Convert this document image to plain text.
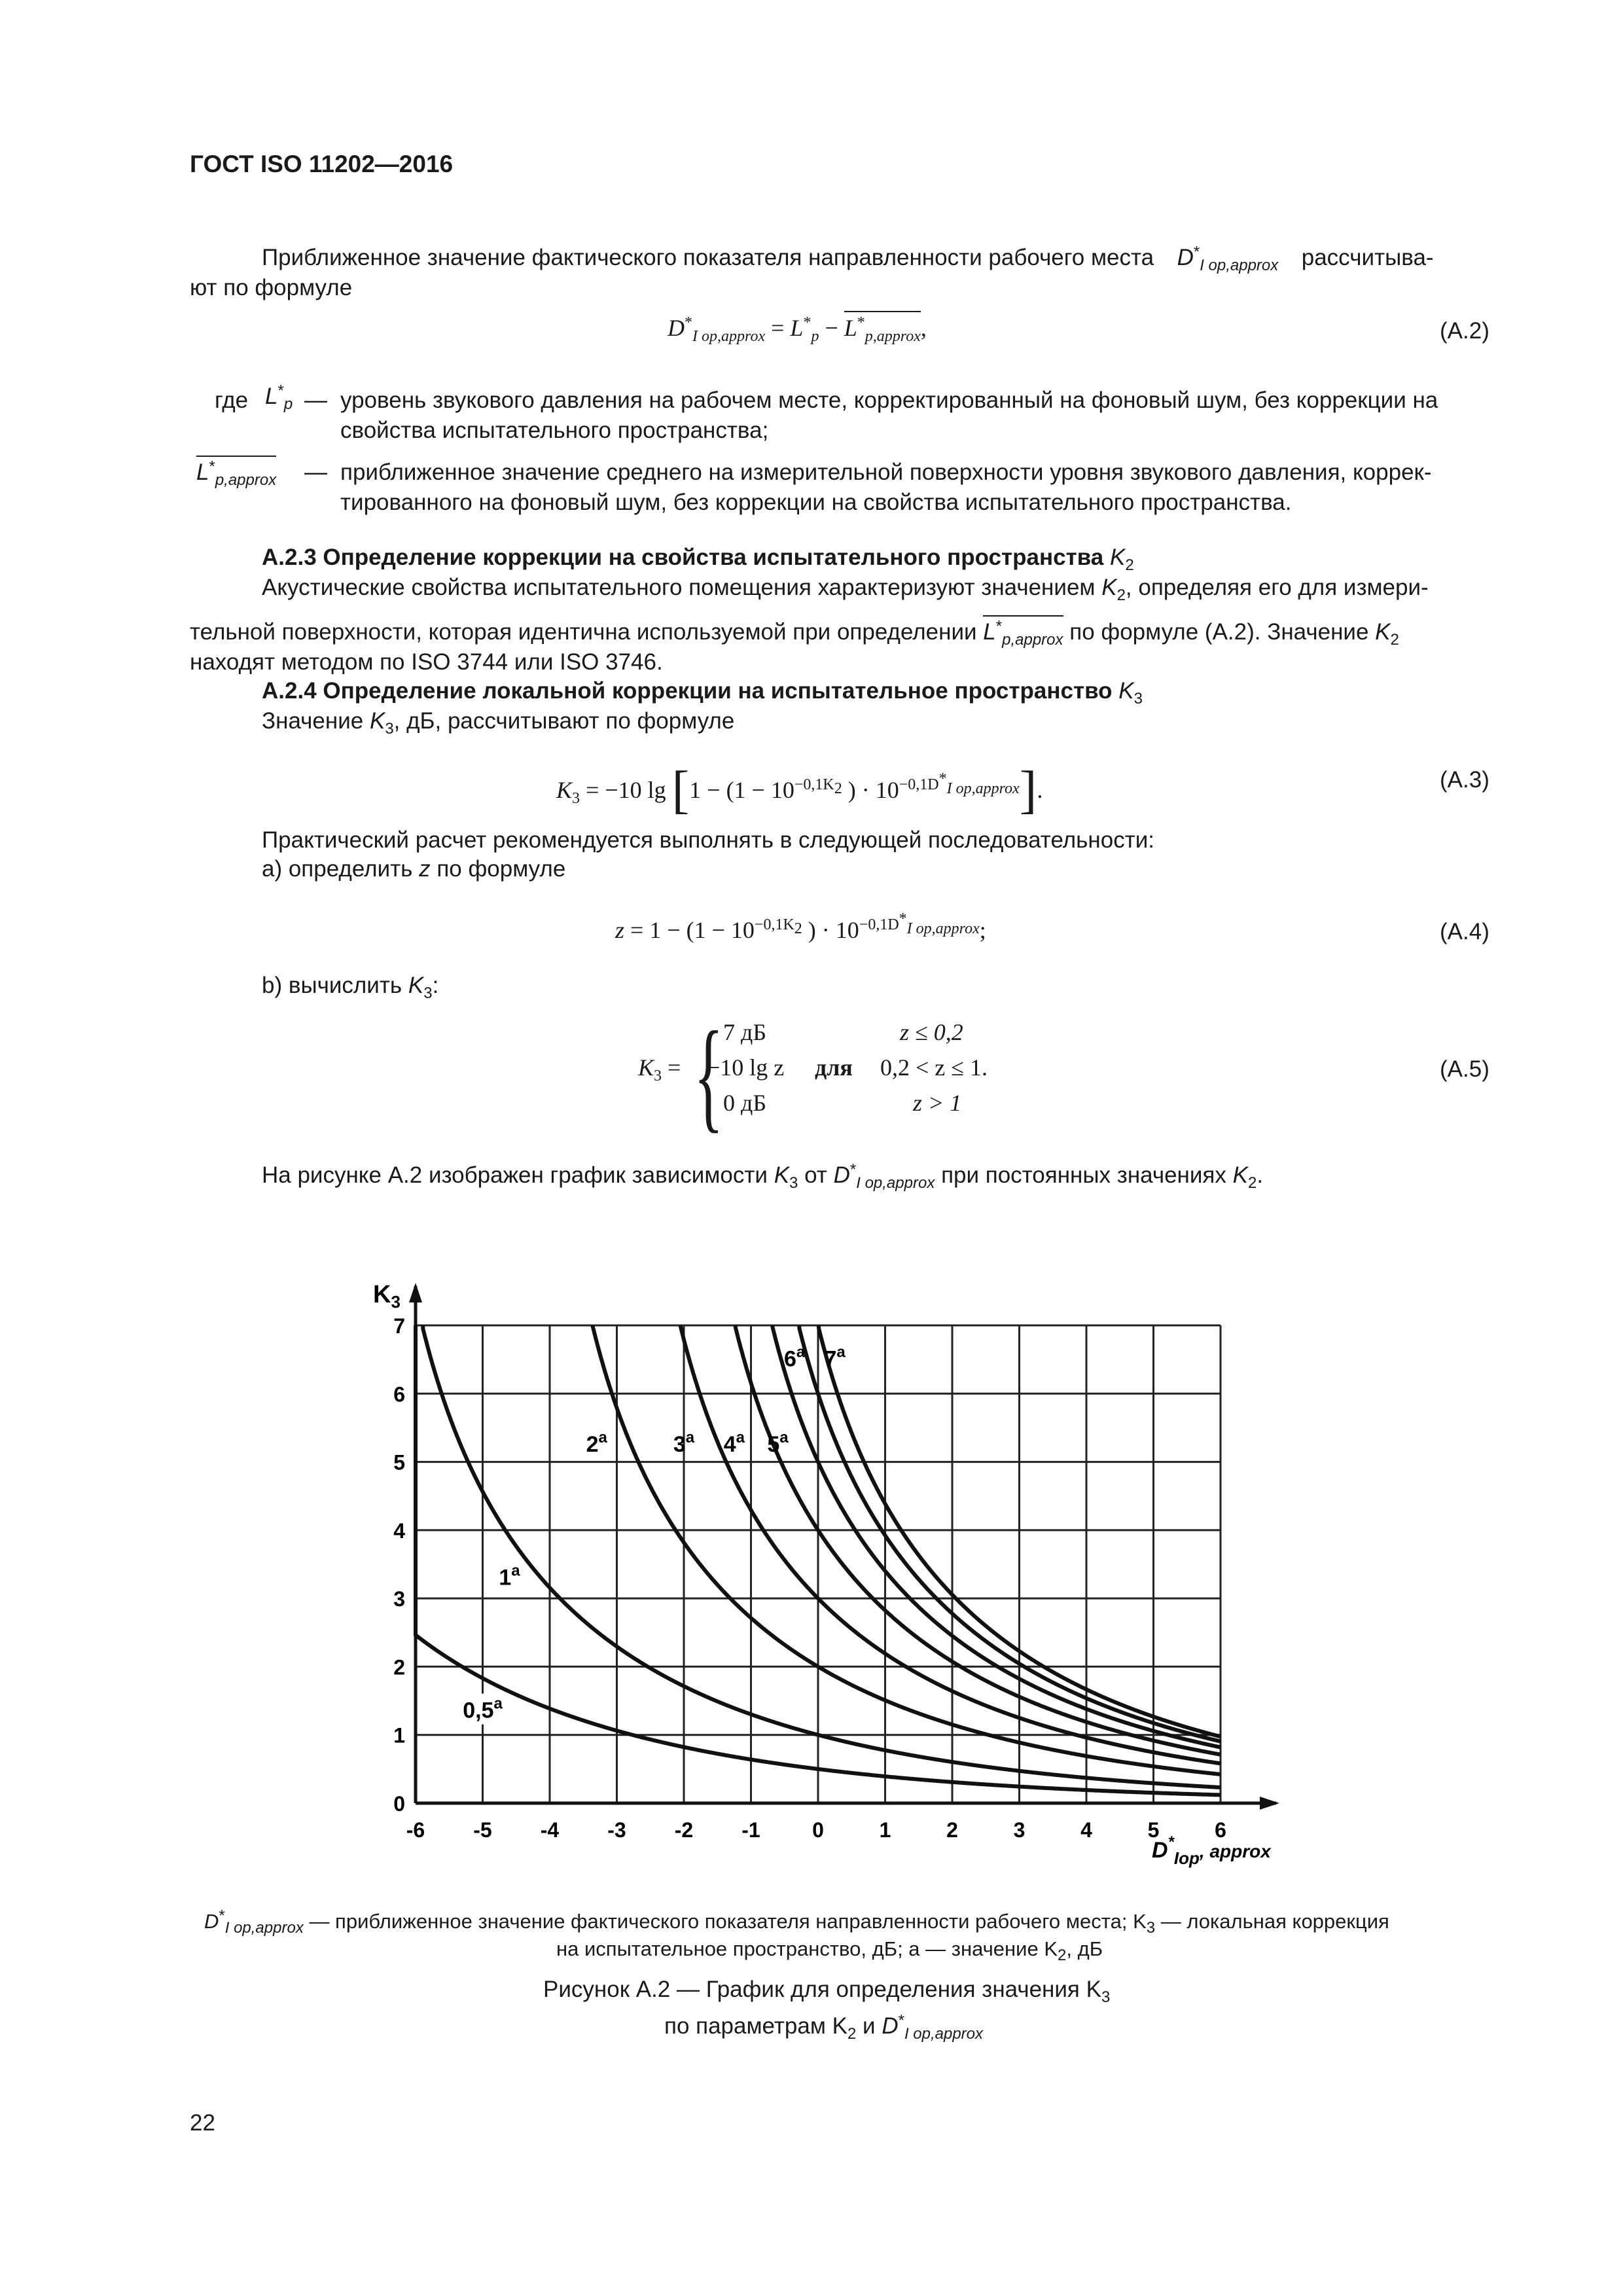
ГОСТ ISO 11202—2016
Приближенное значение фактического показателя направленности рабочего места $D^*_{I op,approx}$ рассчитыва-
ют по формуле
$D^*_{I op,approx} = L^*_p - L^*_{p,approx}$,	(А.2)
где $L^*_p$ — уровень звукового давления на рабочем месте, корректированный на фоновый шум, без коррекции на
свойства испытательного пространства;
$L^*_{p,approx}$ — приближенное значение среднего на измерительной поверхности уровня звукового давления, коррек-
тированного на фоновый шум, без коррекции на свойства испытательного пространства.
А.2.3 Определение коррекции на свойства испытательного пространства $K_2$
Акустические свойства испытательного помещения характеризуют значением $K_2$, определяя его для измери-
тельной поверхности, которая идентична используемой при определении $L^*_{p,approx}$ по формуле (А.2). Значение $K_2$
находят методом по ISO 3744 или ISO 3746.
А.2.4 Определение локальной коррекции на испытательное пространство $K_3$
Значение $K_3$, дБ, рассчитывают по формуле
$K_3 = -10$ $\lg [1 - (1 - 10^{-0,1K_2}$ ) · $10^{-0,1D^*_{I op,approx}}$].	(А.3)
Практический расчет рекомендуется выполнять в следующей последовательности:
a) определить z по формуле
$z = 1 - (1 - 10^{-0,1K_2}$ ) · $10^{-0,1D^*_{I op,approx}}$;	(А.4)
b) вычислить $K_3$:
$K_3$ = { 7 дБ	z ≤ 0,2
−10 lg z для 0,2 < z ≤ 1.
0 дБ	z > 1
(А.5)
На рисунке А.2 изображен график зависимости $K_3$ от $D^*_{I op,approx}$ при постоянных значениях $K_2$.
-6 -5 -4 -3 -2 -1 0	1	2	3	4	5	6
0
1
2
3
4
5
6
7
0,5$^a$
1$^a$
2$^a$	3$^a$ 4$^a$ 5$^a$
6$^a$ 7$^a$
$K_3$
$D^*_{Iop}^{, approx}$
$D^*_{I op,approx}$ — приближенное значение фактического показателя направленности рабочего места; $K_3$ — локальная коррекция
на испытательное пространство, дБ; a — значение $K_2$, дБ
Рисунок А.2 — График для определения значения $K_3$
по параметрам $K_2$ и $D^*_{I op,approx}$
22
